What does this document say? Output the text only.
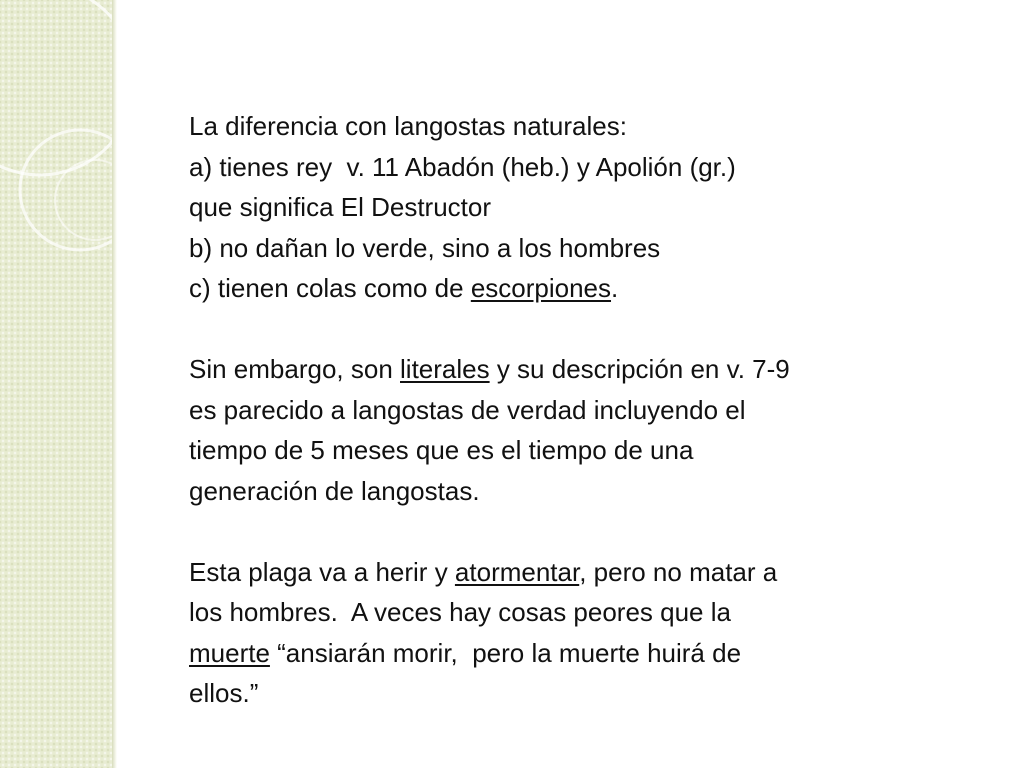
La diferencia con langostas naturales:
a) tienes rey  v. 11 Abadón (heb.) y Apolión (gr.)
que significa El Destructor
b) no dañan lo verde, sino a los hombres
c) tienen colas como de escorpiones.
Sin embargo, son literales y su descripción en v. 7-9
es parecido a langostas de verdad incluyendo el
tiempo de 5 meses que es el tiempo de una
generación de langostas.
Esta plaga va a herir y atormentar, pero no matar a
los hombres.  A veces hay cosas peores que la
muerte “ansiarán morir,  pero la muerte huirá de
ellos.”
